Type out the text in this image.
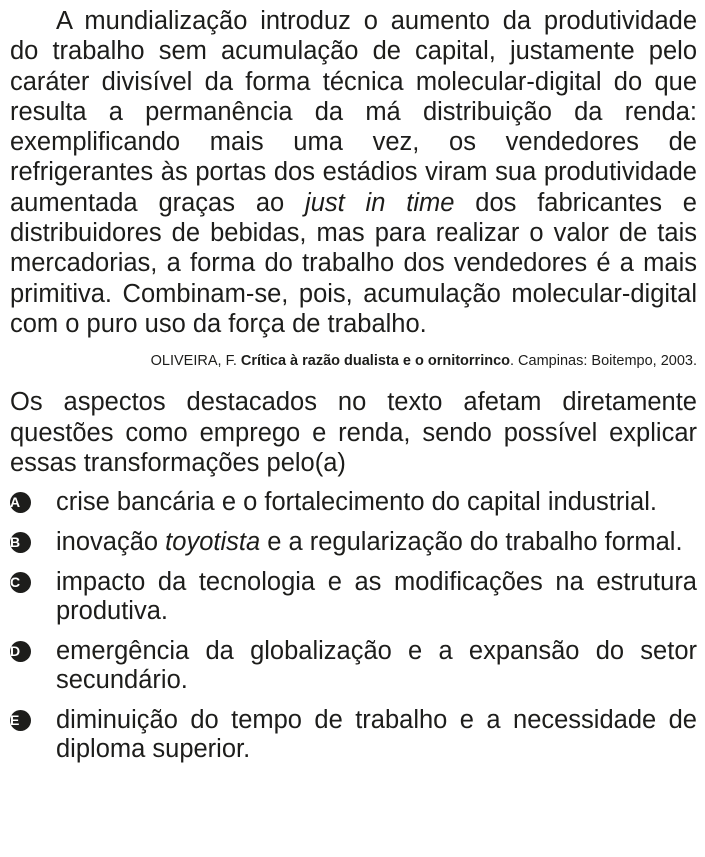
A mundialização introduz o aumento da produtividade do trabalho sem acumulação de capital, justamente pelo caráter divisível da forma técnica molecular-digital do que resulta a permanência da má distribuição da renda: exemplificando mais uma vez, os vendedores de refrigerantes às portas dos estádios viram sua produtividade aumentada graças ao just in time dos fabricantes e distribuidores de bebidas, mas para realizar o valor de tais mercadorias, a forma do trabalho dos vendedores é a mais primitiva. Combinam-se, pois, acumulação molecular-digital com o puro uso da força de trabalho.

OLIVEIRA, F. Crítica à razão dualista e o ornitorrinco. Campinas: Boitempo, 2003.

Os aspectos destacados no texto afetam diretamente questões como emprego e renda, sendo possível explicar essas transformações pelo(a)

A	crise bancária e o fortalecimento do capital industrial.
B	inovação toyotista e a regularização do trabalho formal.
C	impacto da tecnologia e as modificações na estrutura produtiva.
D	emergência da globalização e a expansão do setor secundário.
E	diminuição do tempo de trabalho e a necessidade de diploma superior.
